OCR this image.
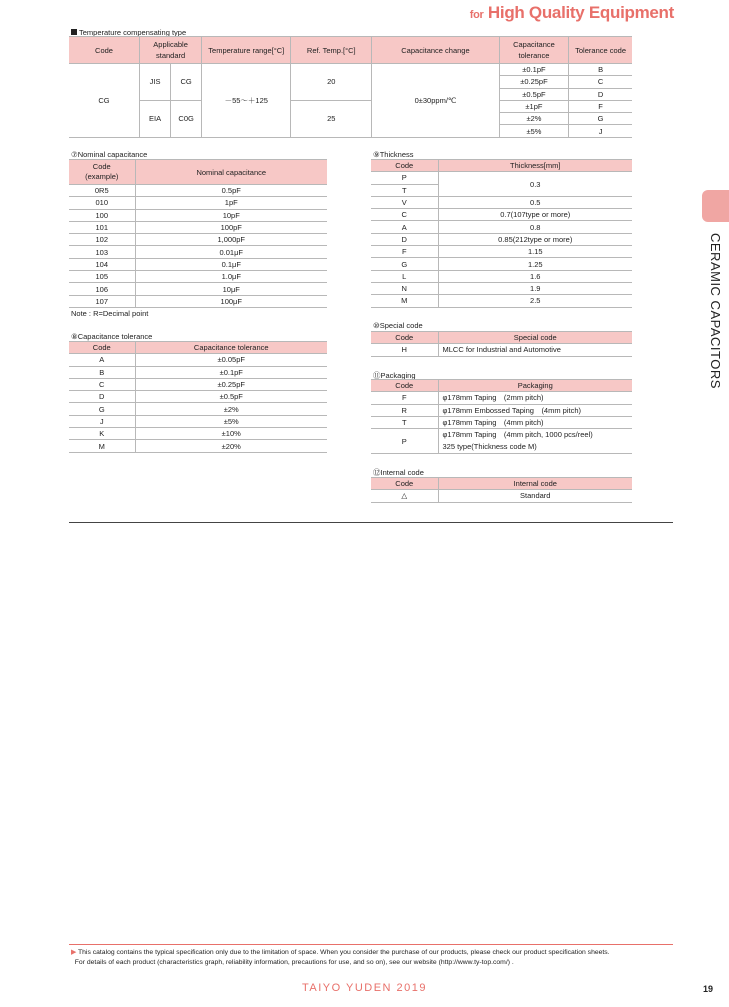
for High Quality Equipment
CERAMIC CAPACITORS
Temperature compensating type
Code	Applicable standard		Temperature range[°C]	Ref. Temp.[°C]	Capacitance change	Capacitance tolerance	Tolerance code
CG	JIS	CG	－55～＋125	20	0±30ppm/℃	±0.1pF	B
						±0.25pF	C
						±0.5pF	D
	EIA	C0G		25		±1pF	F
						±2%	G
						±5%	J
⑦Nominal capacitance
Code
(example)	Nominal capacitance
0R5	0.5pF
010	1pF
100	10pF
101	100pF
102	1,000pF
103	0.01μF
104	0.1μF
105	1.0μF
106	10μF
107	100μF
Note : R=Decimal point
⑧Capacitance tolerance
Code	Capacitance tolerance
A	±0.05pF
B	±0.1pF
C	±0.25pF
D	±0.5pF
G	±2%
J	±5%
K	±10%
M	±20%
⑨Thickness
Code	Thickness[mm]
P	0.3
T	
V	0.5
C	0.7(107type or more)
A	0.8
D	0.85(212type or more)
F	1.15
G	1.25
L	1.6
N	1.9
M	2.5
⑩Special code
Code	Special code
H	MLCC for Industrial and Automotive
⑪Packaging
Code	Packaging
F	φ178mm Taping　(2mm pitch)
R	φ178mm Embossed Taping　(4mm pitch)
T	φ178mm Taping　(4mm pitch)
P	φ178mm Taping　(4mm pitch, 1000 pcs/reel)
325 type(Thickness code M)
⑫Internal code
Code	Internal code
△	Standard
▶ This catalog contains the typical specification only due to the limitation of space. When you consider the purchase of our products, please check our product specification sheets.
For details of each product (characteristics graph, reliability information, precautions for use, and so on), see our website (http://www.ty-top.com/) .
TAIYO YUDEN 2019	19
